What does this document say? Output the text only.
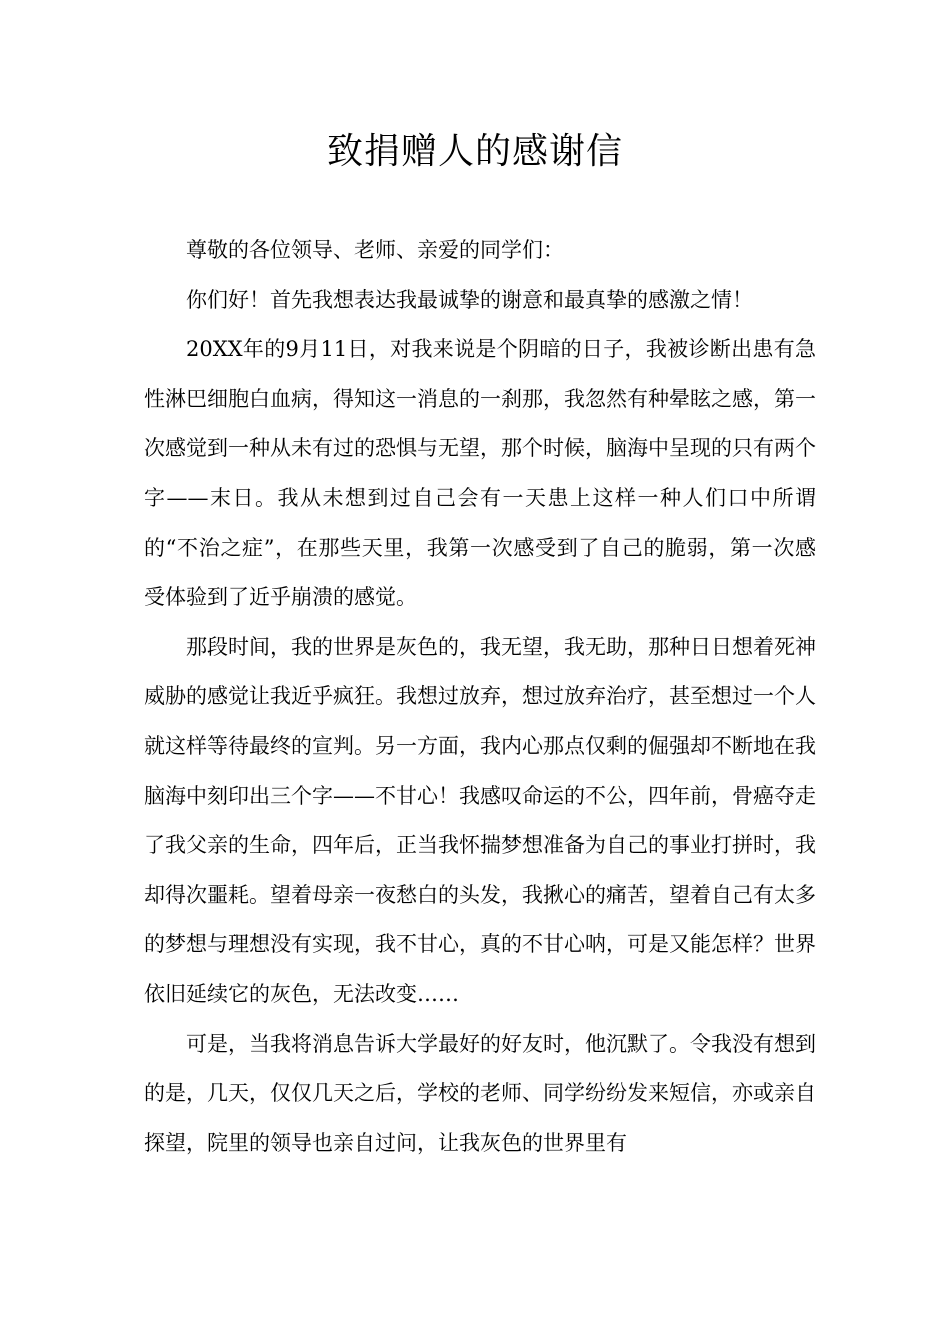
致捐赠人的感谢信

尊敬的各位领导、老师、亲爱的同学们：

你们好！首先我想表达我最诚挚的谢意和最真挚的感激之情！

20XX年的9月11日，对我来说是个阴暗的日子，我被诊断出患有急性淋巴细胞白血病，得知这一消息的一刹那，我忽然有种晕眩之感，第一次感觉到一种从未有过的恐惧与无望，那个时候，脑海中呈现的只有两个字——末日。我从未想到过自己会有一天患上这样一种人们口中所谓的“不治之症”，在那些天里，我第一次感受到了自己的脆弱，第一次感受体验到了近乎崩溃的感觉。

那段时间，我的世界是灰色的，我无望，我无助，那种日日想着死神威胁的感觉让我近乎疯狂。我想过放弃，想过放弃治疗，甚至想过一个人就这样等待最终的宣判。另一方面，我内心那点仅剩的倔强却不断地在我脑海中刻印出三个字——不甘心！我感叹命运的不公，四年前，骨癌夺走了我父亲的生命，四年后，正当我怀揣梦想准备为自己的事业打拼时，我却得次噩耗。望着母亲一夜愁白的头发，我揪心的痛苦，望着自己有太多的梦想与理想没有实现，我不甘心，真的不甘心呐，可是又能怎样？世界依旧延续它的灰色，无法改变……

可是，当我将消息告诉大学最好的好友时，他沉默了。令我没有想到的是，几天，仅仅几天之后，学校的老师、同学纷纷发来短信，亦或亲自探望，院里的领导也亲自过问，让我灰色的世界里有
